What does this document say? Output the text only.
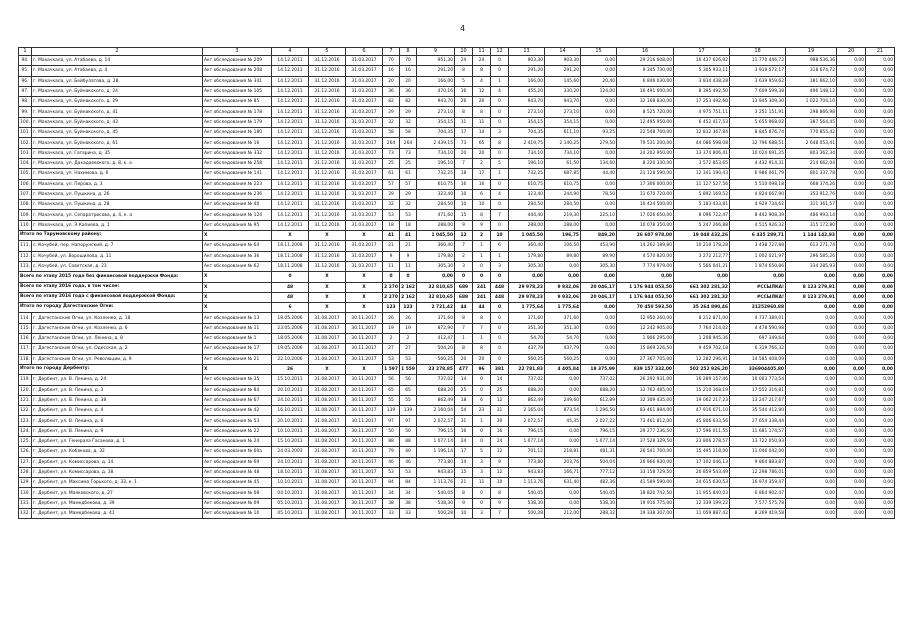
4
1	2	3	4	5	6	7	8	9	10	11	12	13	14	15	16	17	18	19	20	21
94.	г. Махачкала, ул. Атабаева, д. 14	Акт обследования № 209	14.12.2011	31.12.2016	31.03.2017	70	70	951,30	24	24	0	903,30	903,30	0,00	29 216 608,00	16 437 626,92	11 770 446,72	988 536,36	0,00	0,00
95.	г. Махачкала, ул. Атабаева, д. 4	Акт обследования № 208	14.12.2011	31.12.2016	31.03.2017	16	16	291,20	8	8	0	291,20	291,20	0,00	9 345 730,00	5 305 933,11	3 919 572,17	318 674,72	0,00	0,00
96.	г. Махачкала, ул. Бейбулатова, д. 28	Акт обследования № 341	14.12.2011	31.12.2016	31.03.2017	20	20	166,00	5	4	1	166,00	145,60	20,40	6 846 030,00	3 834 438,28	3 639 959,62	181 662,10	0,00	0,00
97.	г. Махачкала, ул. Буйнакского, д. 24	Акт обследования № 105	14.12.2011	31.12.2016	31.03.2017	36	36	470,16	16	12	4	455,20	330,20	124,00	16 491 600,00	8 395 492,50	7 609 599,38	496 148,12	0,00	0,00
98.	г. Махачкала, ул. Буйнакского, д. 29	Акт обследования № 85	14.12.2011	31.12.2016	31.03.2017	82	82	943,70	26	26	0	943,70	943,70	0,00	32 168 830,00	17 253 492,60	13 945 309,30	1 022 704,10	0,00	0,00
99.	г. Махачкала, ул. Буйнакского, д. 41	Акт обследования № 178	14.12.2011	31.12.2016	31.03.2017	29	29	273,10	8	8	0	273,10	273,10	0,00	8 525 720,00	4 975 751,11	3 251 151,91	298 866,98	0,00	0,00
100.	г. Махачкала, ул. Буйнакского, д. 43	Акт обследования № 179	14.12.2011	31.12.2016	31.03.2017	32	32	354,15	11	11	0	354,15	354,15	0,00	12 495 950,00	6 452 417,53	5 655 968,02	387 564,45	0,00	0,00
101.	г. Махачкала, ул. Буйнакского, д. 45	Акт обследования № 180	14.12.2011	31.12.2016	31.03.2017	58	58	704,35	17	14	3	704,35	611,10	93,25	22 548 700,00	12 832 367,84	8 845 876,74	770 855,42	0,00	0,00
102.	г. Махачкала, ул. Буйнакского, д. 61	Акт обследования № 16	14.12.2011	31.12.2016	31.03.2017	264	264	2 439,15	73	65	8	2 419,75	2 140,25	279,50	79 531 200,00	44 086 598,08	32 796 688,51	2 648 053,41	0,00	0,00
103.	г. Махачкала, ул. Гагарина, д. 35	Акт обследования № 332	14.12.2011	31.12.2016	31.03.2017	73	73	734,10	20	20	0	734,10	734,10	0,00	24 202 950,00	13 374 806,41	10 024 691,25	803 362,34	0,00	0,00
104.	г. Махачкала, ул. Дахадаевского, д. 8, к. а	Акт обследования № 258	14.12.2011	31.12.2016	31.03.2017	25	25	196,10	7	2	5	196,10	61,50	134,60	8 220 330,00	3 572 853,65	4 432 914,31	214 662,04	0,00	0,00
105.	г. Махачкала, ул. Нахимова, д. 6	Акт обследования № 141	14.12.2011	31.12.2016	31.03.2017	61	61	732,25	18	17	1	732,25	687,85	44,40	21 128 590,00	12 341 190,43	6 986 061,79	801 337,78	0,00	0,00
106.	г. Махачкала, ул. Перова, д. 3	Акт обследования № 223	14.12.2011	31.12.2016	31.03.2017	57	57	610,75	16	16	0	610,75	610,75	0,00	17 306 000,00	11 127 527,56	5 510 098,18	668 374,26	0,00	0,00
107.	г. Махачкала, ул. Пушкина, д. 26	Акт обследования № 236	14.12.2011	31.12.2016	31.03.2017	29	29	323,40	10	6	4	323,40	244,90	78,50	11 670 720,00	5 892 169,52	4 824 667,90	353 912,76	0,00	0,00
108.	г. Махачкала, ул. Пушкина, д. 28	Акт обследования № 40	14.12.2011	31.12.2016	31.03.2017	32	32	284,50	10	10	0	284,50	284,50	0,00	10 424 500,00	5 183 433,81	4 929 734,62	311 361,57	0,00	0,00
109.	г. Махачкала, ул. Сепаратрисова, д. 4, к. а	Акт обследования № 124	14.12.2011	31.12.2016	31.03.2017	53	53	471,60	15	8	7	444,40	219,30	225,10	17 026 650,00	8 096 722,47	8 442 908,39	486 993,14	0,00	0,00
110.	г. Махачкала, ул. Э.Капиева, д. 1	Акт обследования № 95	14.12.2011	31.12.2016	31.03.2017	18	18	288,00	9	9	0	288,00	288,00	0,00	10 078 350,00	5 247 266,88	4 515 926,32	315 172,80	0,00	0,00
Итого по Тарумовскому району:		Х	Х	Х	Х	41	41	1 045,50	12	2	10	1 045,50	196,75	849,20	26 607 978,00	19 048 432,26	6 435 289,71	1 144 142,93	0,00	0,00
111.	с. Кочубей, пер. Напорунский, д. 7	Акт обследования № 64	18.11.2008	31.12.2016	31.03.2017	21	21	360,40	7	1	6	360,40	106,50	453,90	14 262 189,80	10 210 178,28	3 438 727,88	613 271,74	0,00	0,00
112.	с. Кочубей, ул. Ворошилова, д. 11	Акт обследования № 36	18.11.2008	31.12.2016	31.03.2017	9	9	179,80	2	1	1	179,80	89,80	89,90	4 570 820,00	3 272 212,77	1 002 021,97	296 585,26	0,00	0,00
113.	с. Кочубей, ул. Советская, д. 23	Акт обследования № 62	18.11.2008	31.12.2016	31.03.2017	11	11	305,30	3	0	3	305,30	0,00	305,30	7 774 979,00	5 566 041,21	1 874 650,86	334 285,93	0,00	0,00
Всего по этапу 2015 года без финансовой поддержки Фонда:		Х	0	Х	Х	0	0	0,00	0	0	0	0,00	0,00	0,00	0,00	0,00	0,00	0,00	0,00	0,00
Всего по этапу 2016 года, в том числе:		Х	48	Х	Х	2 270	2 162	32 810,65	689	241	448	29 978,23	9 932,06	20 046,17	1 176 944 053,50	661 302 281,32	#ССЫЛКА!	8 123 279,91	0,00	0,00
Всего по этапу 2016 года с финансовой поддержкой Фонда:		Х	48	Х	Х	2 270	2 162	32 810,65	689	241	448	29 978,23	9 932,06	20 046,17	1 176 944 053,50	661 302 281,32	#ССЫЛКА!	8 123 279,91	0,00	0,00
Итого по городу Дагестанские Огни:		Х	6	Х	Х	123	123	2 721,42	44	44	0	1 775,64	1 775,64	0,00	70 450 593,50	35 264 890,46	31252960,88	0,00	0,00	0,00
114.	г. Дагестанские Огни, ул. Козленко, д. 18	Акт обследования № 13	18.05.2006	31.08.2017	30.11.2017	26	26	371,60	8	8	0	371,60	371,60	0,00	12 950 260,00	8 212 871,00	4 737 389,01	0,00	0,00	0,00
115.	г. Дагестанские Огни, ул. Козленко, д. 6	Акт обследования № 11	23.05.2006	31.08.2017	30.11.2017	19	19	872,90	7	7	0	351,30	351,30	0,00	12 242 905,00	7 764 214,02	4 478 590,98	0,00	0,00	0,00
116.	г. Дагестанские Огни, ул. Ленина, д. 8	Акт обследования № 1	18.05.2006	31.08.2017	30.11.2017	2	2	412,47	1	1	0	54,70	54,70	0,00	1 906 295,00	1 208 945,36	697 349,64	0,00	0,00	0,00
117.	г. Дагестанские Огни, ул. Одесская, д. 2	Акт обследования № 17	19.05.2006	31.08.2017	30.11.2017	27	27	504,20	8	8	0	437,79	437,79	0,00	15 869 226,50	9 459 702,18	6 319 766,32	0,00	0,00	0,00
118.	г. Дагестанские Огни, ул. Революции, д. 9	Акт обследования № 21	22.10.2006	31.08.2017	30.11.2017	53	53	560,25	20	20	0	560,25	560,25	0,00	27 367 705,00	12 282 296,91	14 585 408,09	0,00	0,00	0,00
Итого по городу Дербенту:		Х	26	Х	Х	1 597	1 559	23 278,85	477	96	381	22 781,83	4 405,84	18 375,99	839 157 332,00	502 252 926,20	336904405,80	0,00	0,00	0,00
119.	г. Дербент, ул. В. Ленина, д. 24	Акт обследования № 35	15.10.2011	31.08.2017	30.11.2017	56	56	737,02	14	0	14	737,02	0,00	737,02	26 292 931,00	16 289 157,46	10 003 773,54	0,00	0,00	0,00
120.	г. Дербент, ул. В. Ленина, д. 3	Акт обследования № 84	20.10.2011	31.08.2017	30.11.2017	65	65	688,20	25	0	25	688,20	0,00	688,20	32 762 485,00	15 210 168,19	17 552 316,81	0,00	0,00	0,00
121.	г. Дербент, ул. В. Ленина, д. 38	Акт обследования № 67	24.10.2011	31.08.2017	30.11.2017	55	55	862,49	18	6	12	862,49	249,60	612,89	32 309 435,00	19 062 217,23	13 247 217,67	0,00	0,00	0,00
122.	г. Дербент, ул. В. Ленина, д. 4	Акт обследования № 42	16.10.2011	31.08.2017	30.11.2017	139	139	2 160,04	54	23	31	2 165,04	873,54	1 296,50	83 461 884,00	47 916 671,10	35 544 412,90	0,00	0,00	0,00
123.	г. Дербент, ул. В. Ленина, д. 6	Акт обследования № 53	20.10.2011	31.08.2017	30.11.2017	97	97	2 072,57	31	1	30	2 072,57	45,35	2 027,22	73 461 812,00	45 806 633,56	27 654 338,44	0,00	0,00	0,00
124.	г. Дербент, ул. В. Ленина, д. 9	Акт обследования № 22	10.10.2011	31.08.2017	30.11.2017	50	50	796,15	16	0	16	796,15	0,00	796,15	29 277 236,50	17 596 011,55	11 681 174,57	0,00	0,00	0,00
125.	г. Дербент, ул. Генерала Гасанова, д. 1	Акт обследования № 24	15.10.2011	31.08.2017	30.11.2017	88	88	1 077,14	24	0	24	1 077,14	0,00	1 077,14	37 528 329,50	23 806 278,57	13 722 050,93	0,00	0,00	0,00
126.	г. Дербент, ул. Кобякова, д. 32	Акт обследования № 60а	24.03.2003	31.08.2017	30.11.2017	79	40	1 196,14	17	5	12	701,12	218,81	481,31	26 541 700,00	15 495 218,00	11 046 042,00	0,00	0,00	0,00
127.	г. Дербент, ул. Комиссарова, д. 14	Акт обследования № 69	24.10.2011	31.08.2017	30.11.2017	46	46	773,80	14	3	9	773,80	203,76	504,04	26 966 930,00	17 102 046,13	9 864 883,87	0,00	0,00	0,00
128.	г. Дербент, ул. Комиссарова, д. 38	Акт обследования № 48	18.10.2011	31.08.2017	30.11.2017	53	53	943,83	15	3	12	943,83	166,71	777,12	33 158 729,50	20 859 543,49	12 298 786,01	0,00	0,00	0,00
129.	г. Дербент, ул. Максима Горького, д. 33, к. 1	Акт обследования № 45	10.10.2011	31.08.2017	30.11.2017	84	84	1 113,76	21	11	10	1 113,76	631,40	482,36	41 589 590,00	24 615 630,53	16 974 359,47	0,00	0,00	0,00
130.	г. Дербент, ул. Маяковского, д. 27	Акт обследования № 08	04.10.2011	31.08.2017	30.11.2017	34	34	540,05	8	0	8	540,05	0,00	540,05	18 820 742,50	11 955 840,03	6 864 902,47	0,00	0,00	0,00
131.	г. Дербент, ул. Мамедбекова, д. 39	Акт обследования № 09	05.10.2011	31.08.2017	30.11.2017	38	38	538,30	9	0	9	538,30	0,00	538,30	19 916 775,00	12 339 199,22	7 577 575,78	0,00	0,00	0,00
132.	г. Дербент, ул. Мамедбекова, д. 41	Акт обследования № 10	05.10.2011	31.08.2017	30.11.2017	33	33	500,28	10	3	7	500,28	212,00	288,32	19 338 307,00	11 059 887,42	8 269 419,58	0,00	0,00	0,00
